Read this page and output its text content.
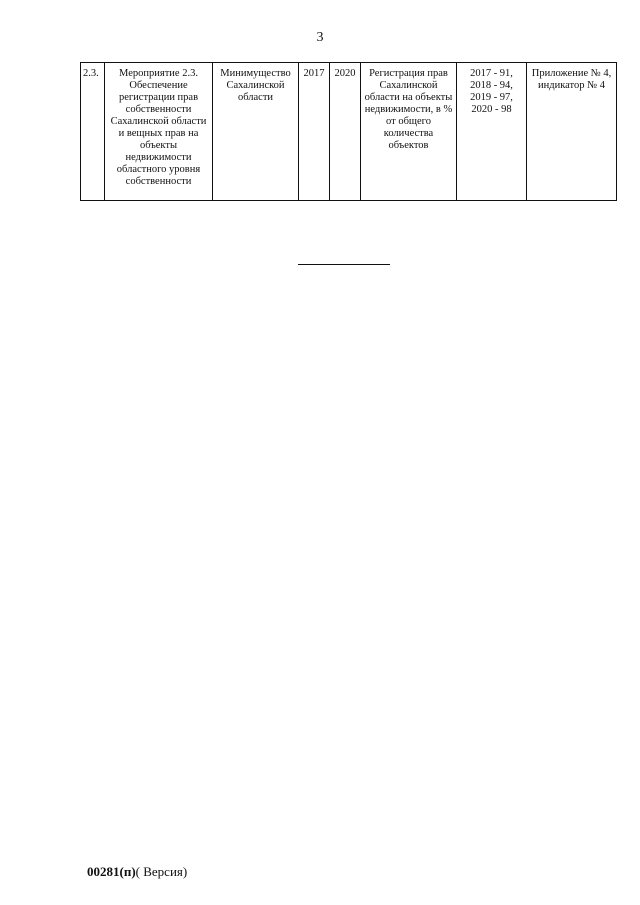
3
2.3.	Мероприятие 2.3. Обеспечение регистрации прав собственности Сахалинской области и вещных прав на объекты недвижимости областного уровня собственности	Минимущество Сахалинской области	2017	2020	Регистрация прав Сахалинской области на объекты недвижимости, в % от общего количества объектов	2017 - 91, 2018 - 94, 2019 - 97, 2020 - 98	Приложение № 4, индикатор № 4
00281(п)( Версия)
